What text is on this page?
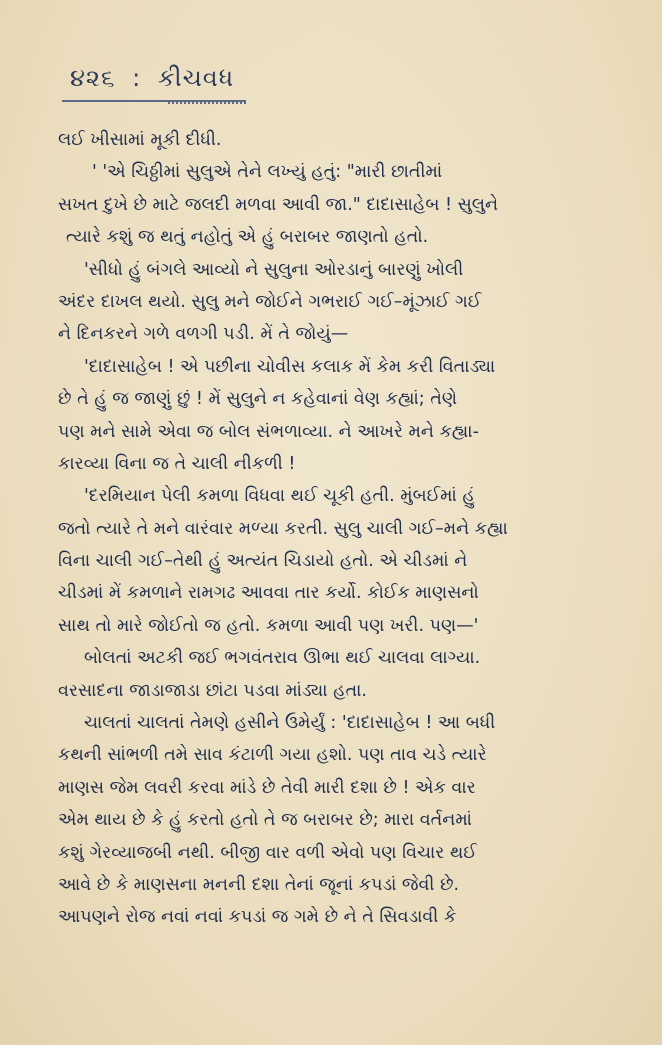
૪૨૬ : કીચવધ
લઈ ખીસામાં મૂકી દીધી.
' 'એ ચિઠ્ઠીમાં સુલુએ તેને લખ્યું હતું: "મારી છાતીમાં
સખત દુખે છે માટે જલદી મળવા આવી જા." દાદાસાહેબ ! સુલુને
ત્યારે કશું જ થતું નહોતું એ હું બરાબર જાણતો હતો.
'સીધો હું બંગલે આવ્યો ને સુલુના ઓરડાનું બારણું ખોલી
અંદર દાખલ થયો. સુલુ મને જોઈને ગભરાઈ ગઈ–મૂંઝાઈ ગઈ
ને દિનકરને ગળે વળગી પડી. મેં તે જોયું—
'દાદાસાહેબ ! એ પછીના ચોવીસ કલાક મેં કેમ કરી વિતાડ્યા
છે તે હું જ જાણું છું ! મેં સુલુને ન કહેવાનાં વેણ કહ્યાં; તેણે
પણ મને સામે એવા જ બોલ સંભળાવ્યા. ને આખરે મને કહ્યા-
કારવ્યા વિના જ તે ચાલી નીકળી !
'દરમિયાન પેલી કમળા વિધવા થઈ ચૂકી હતી. મુંબઈમાં હું
જતો ત્યારે તે મને વારંવાર મળ્યા કરતી. સુલુ ચાલી ગઈ–મને કહ્યા
વિના ચાલી ગઈ–તેથી હું અત્યંત ચિડાયો હતો. એ ચીડમાં ને
ચીડમાં મેં કમળાને રામગઢ આવવા તાર કર્યો. કોઈક માણસનો
સાથ તો મારે જોઈતો જ હતો. કમળા આવી પણ ખરી. પણ—'
બોલતાં અટકી જઈ ભગવંતરાવ ઊભા થઈ ચાલવા લાગ્યા.
વરસાદના જાડાજાડા છાંટા પડવા માંડ્યા હતા.
ચાલતાં ચાલતાં તેમણે હસીને ઉમેર્યું : 'દાદાસાહેબ ! આ બધી
કથની સાંભળી તમે સાવ કંટાળી ગયા હશો. પણ તાવ ચડે ત્યારે
માણસ જેમ લવરી કરવા માંડે છે તેવી મારી દશા છે ! એક વાર
એમ થાય છે કે હું કરતો હતો તે જ બરાબર છે; મારા વર્તનમાં
કશું ગેરવ્યાજબી નથી. બીજી વાર વળી એવો પણ વિચાર થઈ
આવે છે કે માણસના મનની દશા તેનાં જૂનાં કપડાં જેવી છે.
આપણને રોજ નવાં નવાં કપડાં જ ગમે છે ને તે સિવડાવી કે
